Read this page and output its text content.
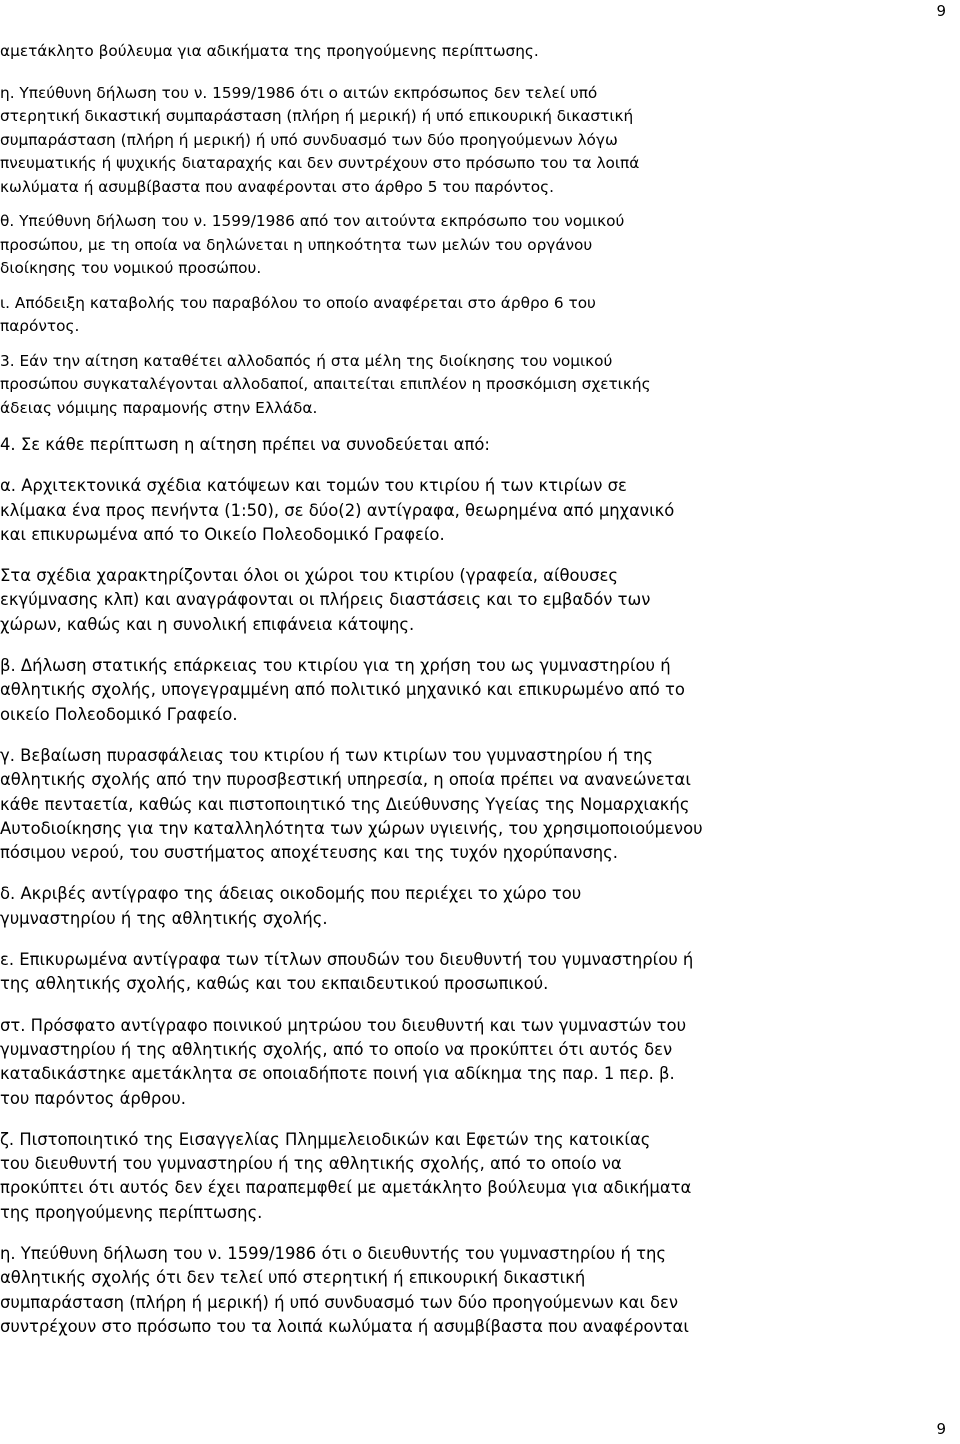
9

αμετάκλητο βούλευμα για αδικήματα της προηγούμενης περίπτωσης.

η. Υπεύθυνη δήλωση του ν. 1599/1986 ότι ο αιτών εκπρόσωπος δεν τελεί υπό
στερητική δικαστική συμπαράσταση (πλήρη ή μερική) ή υπό επικουρική δικαστική
συμπαράσταση (πλήρη ή μερική) ή υπό συνδυασμό των δύο προηγούμενων λόγω
πνευματικής ή ψυχικής διαταραχής και δεν συντρέχουν στο πρόσωπο του τα λοιπά
κωλύματα ή ασυμβίβαστα που αναφέρονται στο άρθρο 5 του παρόντος.

θ. Υπεύθυνη δήλωση του ν. 1599/1986 από τον αιτούντα εκπρόσωπο του νομικού
προσώπου, με τη οποία να δηλώνεται η υπηκοότητα των μελών του οργάνου
διοίκησης του νομικού προσώπου.

ι. Απόδειξη καταβολής του παραβόλου το οποίο αναφέρεται στο άρθρο 6 του
παρόντος.

3. Εάν την αίτηση καταθέτει αλλοδαπός ή στα μέλη της διοίκησης του νομικού
προσώπου συγκαταλέγονται αλλοδαποί, απαιτείται επιπλέον η προσκόμιση σχετικής
άδειας νόμιμης παραμονής στην Ελλάδα.

4. Σε κάθε περίπτωση η αίτηση πρέπει να συνοδεύεται από:

α. Αρχιτεκτονικά σχέδια κατόψεων και τομών του κτιρίου ή των κτιρίων σε
κλίμακα ένα προς πενήντα (1:50), σε δύο(2) αντίγραφα, θεωρημένα από μηχανικό
και επικυρωμένα από το Οικείο Πολεοδομικό Γραφείο.

Στα σχέδια χαρακτηρίζονται όλοι οι χώροι του κτιρίου (γραφεία, αίθουσες
εκγύμνασης κλπ) και αναγράφονται οι πλήρεις διαστάσεις και το εμβαδόν των
χώρων, καθώς και η συνολική επιφάνεια κάτοψης.

β. Δήλωση στατικής επάρκειας του κτιρίου για τη χρήση του ως γυμναστηρίου ή
αθλητικής σχολής, υπογεγραμμένη από πολιτικό μηχανικό και επικυρωμένο από το
οικείο Πολεοδομικό Γραφείο.

γ. Βεβαίωση πυρασφάλειας του κτιρίου ή των κτιρίων του γυμναστηρίου ή της
αθλητικής σχολής από την πυροσβεστική υπηρεσία, η οποία πρέπει να ανανεώνεται
κάθε πενταετία, καθώς και πιστοποιητικό της Διεύθυνσης Υγείας της Νομαρχιακής
Αυτοδιοίκησης για την καταλληλότητα των χώρων υγιεινής, του χρησιμοποιούμενου
πόσιμου νερού, του συστήματος αποχέτευσης και της τυχόν ηχορύπανσης.

δ. Ακριβές αντίγραφο της άδειας οικοδομής που περιέχει το χώρο του
γυμναστηρίου ή της αθλητικής σχολής.

ε. Επικυρωμένα αντίγραφα των τίτλων σπουδών του διευθυντή του γυμναστηρίου ή
της αθλητικής σχολής, καθώς και του εκπαιδευτικού προσωπικού.

στ. Πρόσφατο αντίγραφο ποινικού μητρώου του διευθυντή και των γυμναστών του
γυμναστηρίου ή της αθλητικής σχολής, από το οποίο να προκύπτει ότι αυτός δεν
καταδικάστηκε αμετάκλητα σε οποιαδήποτε ποινή για αδίκημα της παρ. 1 περ. β.
του παρόντος άρθρου.

ζ. Πιστοποιητικό της Εισαγγελίας Πλημμελειοδικών και Εφετών της κατοικίας
του διευθυντή του γυμναστηρίου ή της αθλητικής σχολής, από το οποίο να
προκύπτει ότι αυτός δεν έχει παραπεμφθεί με αμετάκλητο βούλευμα για αδικήματα
της προηγούμενης περίπτωσης.

η. Υπεύθυνη δήλωση του ν. 1599/1986 ότι ο διευθυντής του γυμναστηρίου ή της
αθλητικής σχολής ότι δεν τελεί υπό στερητική ή επικουρική δικαστική
συμπαράσταση (πλήρη ή μερική) ή υπό συνδυασμό των δύο προηγούμενων και δεν
συντρέχουν στο πρόσωπο του τα λοιπά κωλύματα ή ασυμβίβαστα που αναφέρονται

9
